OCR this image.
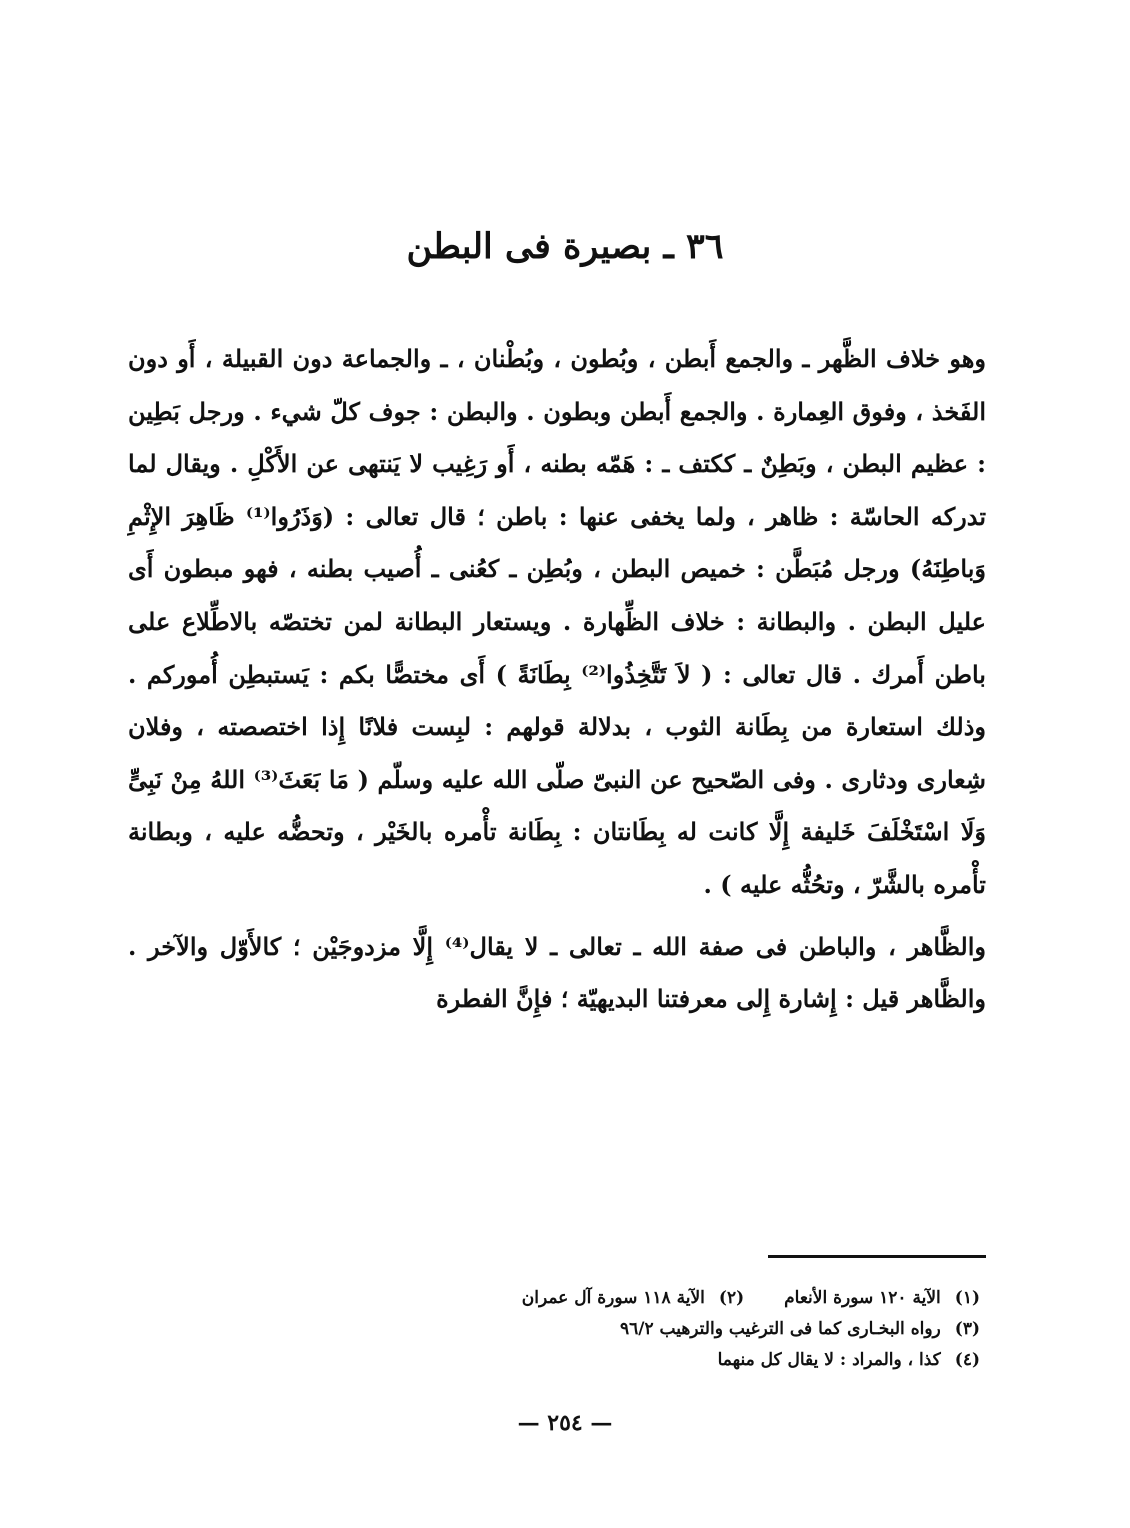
٣٦ ـ بصيرة فى البطن

وهو خلاف الظَّهر ـ والجمع أَبطن ، وبُطون ، وبُطْنان ، ـ والجماعة دون القبيلة ، أَو دون الفَخذ ، وفوق العِمارة . والجمع أَبطن وبطون . والبطن : جوف كلّ شيء . ورجل بَطِين : عظيم البطن ، وبَطِنٌ ـ ككتف ـ : هَمّه بطنه ، أَو رَغِيب لا يَنتهى عن الأَكْلِ . ويقال لما تدركه الحاسّة : ظاهر ، ولما يخفى عنها : باطن ؛ قال تعالى : (وَذَرُوا⁽¹⁾ ظَاهِرَ الإِثْمِ وَباطِنَهُ) ورجل مُبَطَّن : خميص البطن ، وبُطِن ـ كعُنى ـ أُصيب بطنه ، فهو مبطون أَى عليل البطن . والبطانة : خلاف الظِّهارة . ويستعار البطانة لمن تختصّه بالاطِّلاع على باطن أَمرك . قال تعالى : ( لاَ تَتَّخِذُوا⁽²⁾ بِطَانَةً ) أَى مختصًّا بكم : يَستبطِن أُموركم . وذلك استعارة من بِطَانة الثوب ، بدلالة قولهم : لبِست فلانًا إِذا اختصصته ، وفلان شِعارى ودثارى . وفى الصّحيح عن النبىّ صلّى الله عليه وسلّم ( مَا بَعَثَ⁽³⁾ اللهُ مِنْ نَبِىٍّ وَلَا اسْتَخْلَفَ خَليفة إِلَّا كانت له بِطَانتان : بِطَانة تأْمره بالخَيْر ، وتحضُّه عليه ، وبطانة تأْمره بالشَّرّ ، وتحُثُّه عليه ) .

والظَّاهر ، والباطن فى صفة الله ـ تعالى ـ لا يقال⁽⁴⁾ إِلَّا مزدوجَيْن ؛ كالأَوّل والآخر . والظَّاهر قيل : إِشارة إِلى معرفتنا البديهيّة ؛ فإِنَّ الفطرة

(١)
الآية ١٢٠ سورة الأنعام
(٢)
الآية ١١٨ سورة آل عمران
(٣)
رواه البخـارى كما فى الترغيب والترهيب ٩٦/٢
(٤)
كذا ، والمراد : لا يقال كل منهما
— ٢٥٤ —
